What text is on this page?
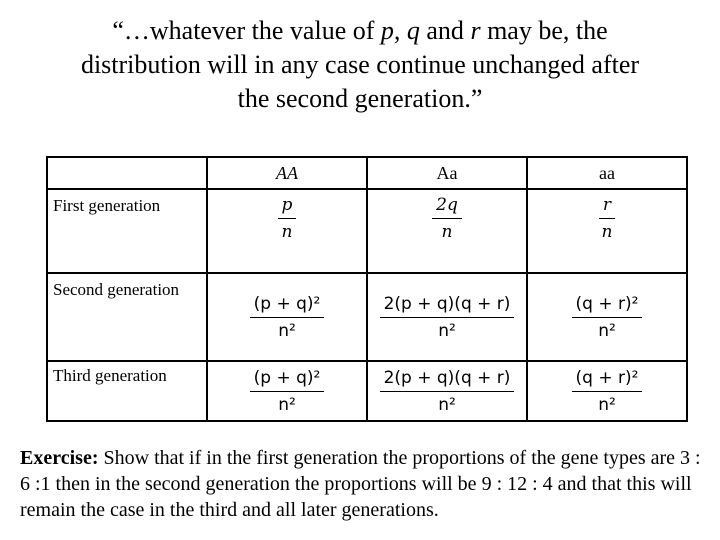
“…whatever the value of p, q and r may be, the
distribution will in any case continue unchanged after
the second generation.”
	AA	Aa	aa

First generation	$\frac{p}{n}$	$\frac{2q}{n}$	$\frac{r}{n}$

Second generation	$\frac{\text{(p + q)²}}{\text{n²}}$	$\frac{2(p + q)(q + r)}{\text{n²}}$	$\frac{\text{(q + r)²}}{\text{n²}}$

Third generation	$\frac{\text{(p + q)²}}{\text{n²}}$	$\frac{2(p + q)(q + r)}{\text{n²}}$	$\frac{\text{(q + r)²}}{\text{n²}}$
Exercise: Show that if in the first generation the proportions of the gene types are 3 : 6 :1 then in the second generation the proportions will be 9 : 12 : 4 and that this will remain the case in the third and all later generations.
